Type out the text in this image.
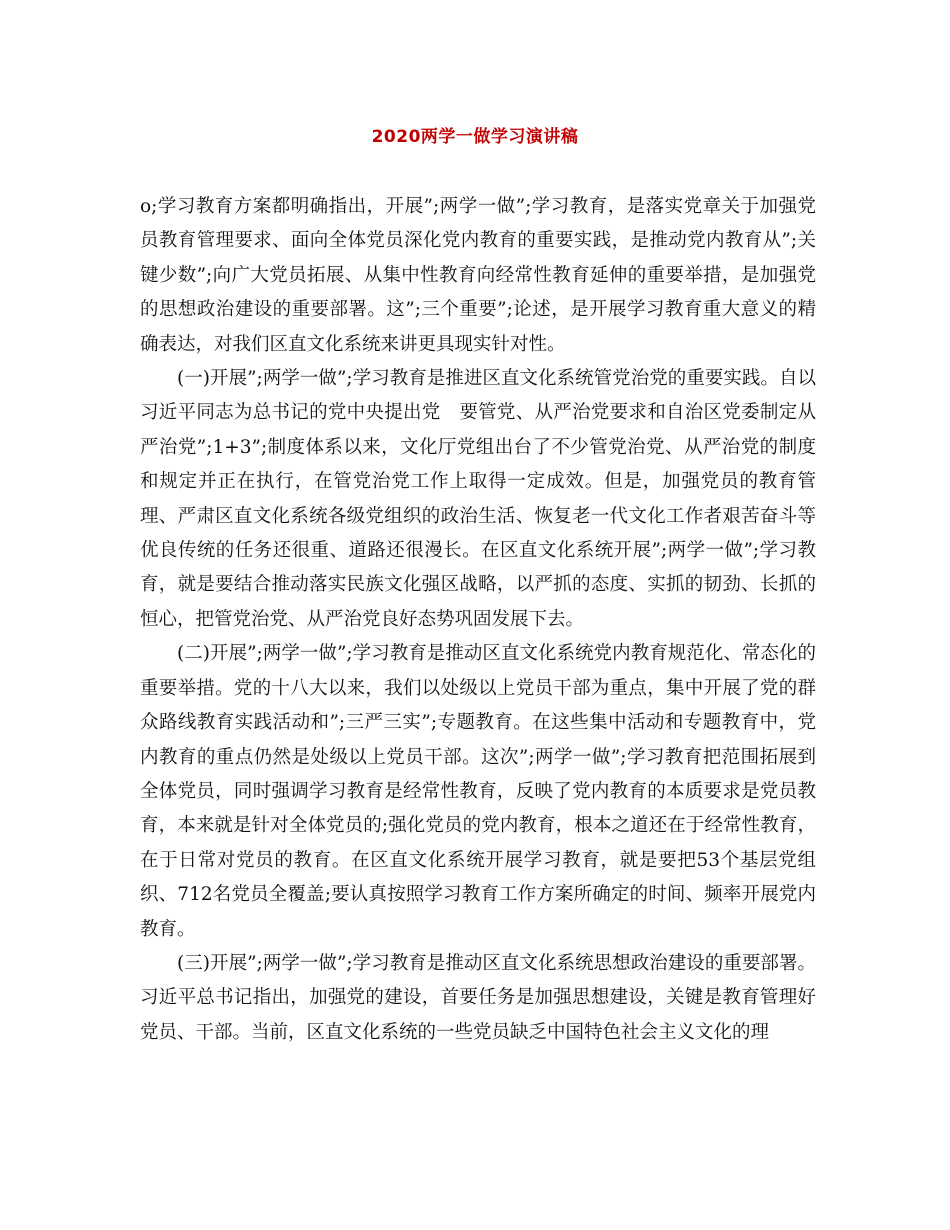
2020两学一做学习演讲稿

o;学习教育方案都明确指出，开展”;两学一做”;学习教育，是落实党章关于加强党员教育管理要求、面向全体党员深化党内教育的重要实践，是推动党内教育从”;关键少数”;向广大党员拓展、从集中性教育向经常性教育延伸的重要举措，是加强党的思想政治建设的重要部署。这”;三个重要”;论述，是开展学习教育重大意义的精确表达，对我们区直文化系统来讲更具现实针对性。

(一)开展”;两学一做”;学习教育是推进区直文化系统管党治党的重要实践。自以习近平同志为总书记的党中央提出党　要管党、从严治党要求和自治区党委制定从严治党”;1+3”;制度体系以来，文化厅党组出台了不少管党治党、从严治党的制度和规定并正在执行，在管党治党工作上取得一定成效。但是，加强党员的教育管理、严肃区直文化系统各级党组织的政治生活、恢复老一代文化工作者艰苦奋斗等优良传统的任务还很重、道路还很漫长。在区直文化系统开展”;两学一做”;学习教育，就是要结合推动落实民族文化强区战略，以严抓的态度、实抓的韧劲、长抓的恒心，把管党治党、从严治党良好态势巩固发展下去。

(二)开展”;两学一做”;学习教育是推动区直文化系统党内教育规范化、常态化的重要举措。党的十八大以来，我们以处级以上党员干部为重点，集中开展了党的群众路线教育实践活动和”;三严三实”;专题教育。在这些集中活动和专题教育中，党内教育的重点仍然是处级以上党员干部。这次”;两学一做”;学习教育把范围拓展到全体党员，同时强调学习教育是经常性教育，反映了党内教育的本质要求是党员教育，本来就是针对全体党员的;强化党员的党内教育，根本之道还在于经常性教育，在于日常对党员的教育。在区直文化系统开展学习教育，就是要把53个基层党组织、712名党员全覆盖;要认真按照学习教育工作方案所确定的时间、频率开展党内教育。

(三)开展”;两学一做”;学习教育是推动区直文化系统思想政治建设的重要部署。习近平总书记指出，加强党的建设，首要任务是加强思想建设，关键是教育管理好党员、干部。当前，区直文化系统的一些党员缺乏中国特色社会主义文化的理
